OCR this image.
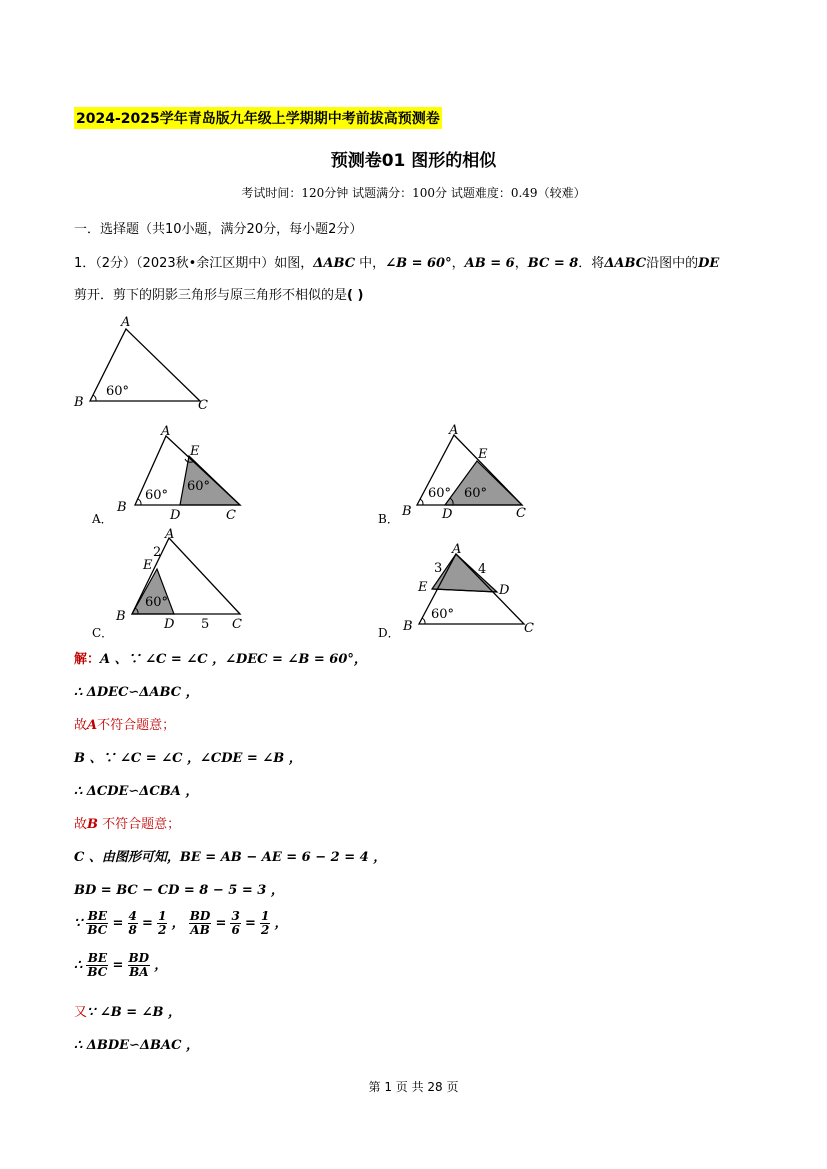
2024-2025学年青岛版九年级上学期期中考前拔高预测卷
预测卷01 图形的相似
考试时间：120分钟 试题满分：100分 试题难度：0.49（较难）
一．选择题（共10小题，满分20分，每小题2分）
1．（2分）（2023秋•余江区期中）如图，ΔABC 中，∠B = 60°，AB = 6，BC = 8．将ΔABC沿图中的DE
剪开．剪下的阴影三角形与原三角形不相似的是( )
A
B	C
60°
A．
A
B
C
D
E
60°
60°
B．
A
B	C
D
E
60° 60°
C．
A
B
C
D
E
60°
2
5
D．
A
B	C
D
E
60°
3	4
解：A 、∵ ∠C = ∠C ，∠DEC = ∠B = 60°，
∴ ΔDEC∽ΔABC ，
故A不符合题意；
B 、∵ ∠C = ∠C ，∠CDE = ∠B ，
∴ ΔCDE∽ΔCBA ，
故B 不符合题意；
C 、由图形可知，BE = AB − AE = 6 − 2 = 4 ，
BD = BC − CD = 8 − 5 = 3 ，
∵ $\frac{BE}{BC} = \frac{4}{8} = \frac{1}{2}$ ， $\frac{BD}{AB} = \frac{3}{6} = \frac{1}{2}$ ，
∴ $\frac{BE}{BC} = \frac{BD}{BA}$ ，
又∵ ∠B = ∠B ，
∴ ΔBDE∽ΔBAC ，
第 1 页 共 28 页
